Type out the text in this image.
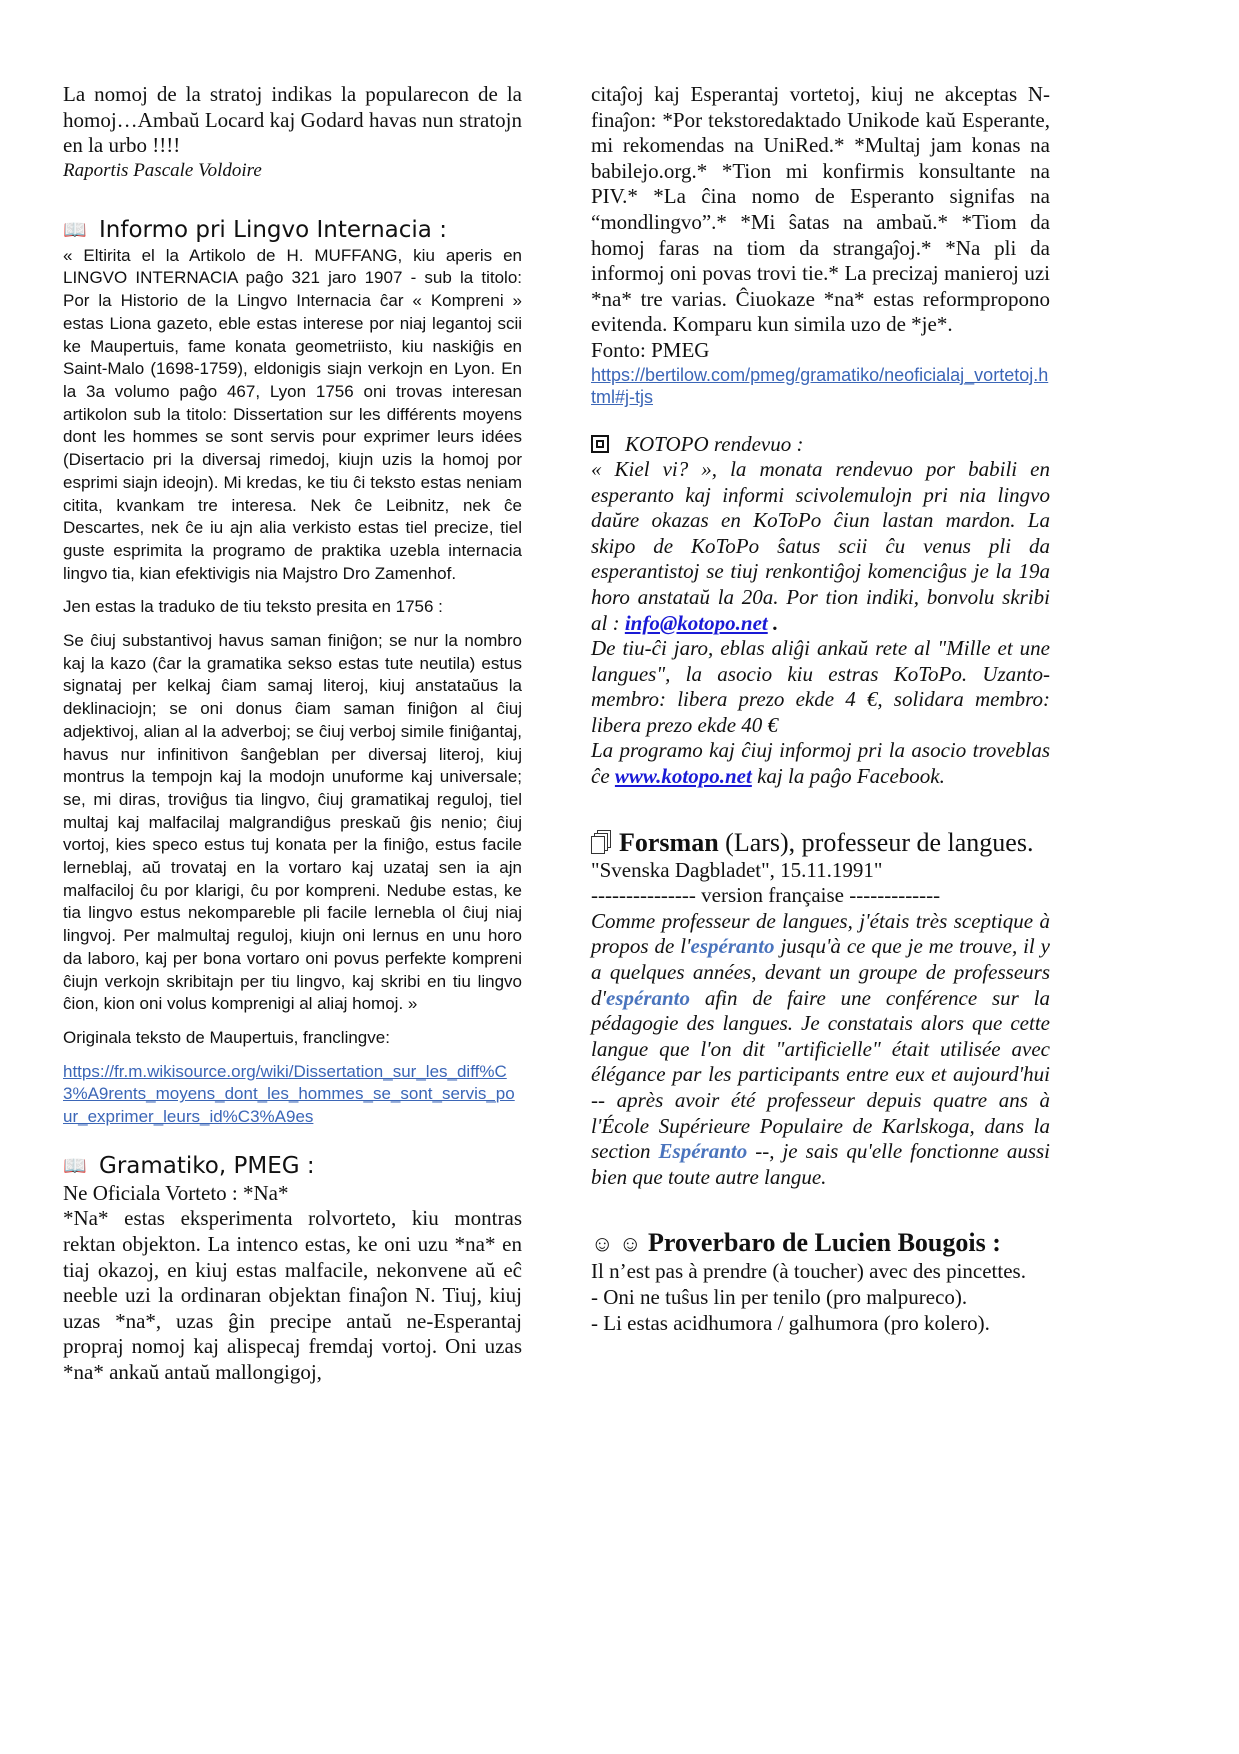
La nomoj de la stratoj indikas la popularecon de la homoj…Ambaŭ Locard kaj Godard havas nun stratojn en la urbo !!!!

Raportis Pascale Voldoire

📖 Informo pri Lingvo Internacia :

« Eltirita el la Artikolo de H. MUFFANG, kiu aperis en LINGVO INTERNACIA paĝo 321 jaro 1907 - sub la titolo: Por la Historio de la Lingvo Internacia ĉar « Kompreni » estas Liona gazeto, eble estas interese por niaj legantoj scii ke Maupertuis, fame konata geometriisto, kiu naskiĝis en Saint-Malo (1698-1759), eldonigis siajn verkojn en Lyon. En la 3a volumo paĝo 467, Lyon 1756 oni trovas interesan artikolon sub la titolo: Dissertation sur les différents moyens dont les hommes se sont servis pour exprimer leurs idées (Disertacio pri la diversaj rimedoj, kiujn uzis la homoj por esprimi siajn ideojn). Mi kredas, ke tiu ĉi teksto estas neniam citita, kvankam tre interesa. Nek ĉe Leibnitz, nek ĉe Descartes, nek ĉe iu ajn alia verkisto estas tiel precize, tiel guste esprimita la programo de praktika uzebla internacia lingvo tia, kian efektivigis nia Majstro Dro Zamenhof.

Jen estas la traduko de tiu teksto presita en 1756 :

Se ĉiuj substantivoj havus saman finiĝon; se nur la nombro kaj la kazo (ĉar la gramatika sekso estas tute neutila) estus signataj per kelkaj ĉiam samaj literoj, kiuj anstataŭus la deklinaciojn; se oni donus ĉiam saman finiĝon al ĉiuj adjektivoj, alian al la adverboj; se ĉiuj verboj simile finiĝantaj, havus nur infinitivon ŝanĝeblan per diversaj literoj, kiuj montrus la tempojn kaj la modojn unuforme kaj universale; se, mi diras, troviĝus tia lingvo, ĉiuj gramatikaj reguloj, tiel multaj kaj malfacilaj malgrandiĝus preskaŭ ĝis nenio; ĉiuj vortoj, kies speco estus tuj konata per la finiĝo, estus facile lerneblaj, aŭ trovataj en la vortaro kaj uzataj sen ia ajn malfaciloj ĉu por klarigi, ĉu por kompreni. Nedube estas, ke tia lingvo estus nekompareble pli facile lernebla ol ĉiuj niaj lingvoj. Per malmultaj reguloj, kiujn oni lernus en unu horo da laboro, kaj per bona vortaro oni povus perfekte kompreni ĉiujn verkojn skribitajn per tiu lingvo, kaj skribi en tiu lingvo ĉion, kion oni volus komprenigi al aliaj homoj. »

Originala teksto de Maupertuis, franclingve:

https://fr.m.wikisource.org/wiki/Dissertation_sur_les_diff%C3%A9rents_moyens_dont_les_hommes_se_sont_servis_pour_exprimer_leurs_id%C3%A9es

📖 Gramatiko, PMEG :

Ne Oficiala Vorteto : *Na*

*Na* estas eksperimenta rolvorteto, kiu montras rektan objekton. La intenco estas, ke oni uzu *na* en tiaj okazoj, en kiuj estas malfacile, nekonvene aŭ eĉ neeble uzi la ordinaran objektan finaĵon N. Tiuj, kiuj uzas *na*, uzas ĝin precipe antaŭ ne-Esperantaj propraj nomoj kaj alispecaj fremdaj vortoj. Oni uzas *na* ankaŭ antaŭ mallongigoj,

citaĵoj kaj Esperantaj vortetoj, kiuj ne akceptas N-finaĵon: *Por tekstoredaktado Unikode kaŭ Esperante, mi rekomendas na UniRed.* *Multaj jam konas na babilejo.org.* *Tion mi konfirmis konsultante na PIV.* *La ĉina nomo de Esperanto signifas na “mondlingvo”.* *Mi ŝatas na ambaŭ.* *Tiom da homoj faras na tiom da strangaĵoj.* *Na pli da informoj oni povas trovi tie.* La precizaj manieroj uzi *na* tre varias. Ĉiuokaze *na* estas reformpropono evitenda. Komparu kun simila uzo de *je*.

Fonto: PMEG

https://bertilow.com/pmeg/gramatiko/neoficialaj_vortetoj.html#j-tjs

KOTOPO rendevuo :

« Kiel vi? », la monata rendevuo por babili en esperanto kaj informi scivolemulojn pri nia lingvo daŭre okazas en KoToPo ĉiun lastan mardon. La skipo de KoToPo ŝatus scii ĉu venus pli da esperantistoj se tiuj renkontiĝoj komenciĝus je la 19a horo anstataŭ la 20a. Por tion indiki, bonvolu skribi al : info@kotopo.net .

De tiu-ĉi jaro, eblas aliĝi ankaŭ rete al "Mille et une langues", la asocio kiu estras KoToPo. Uzanto-membro: libera prezo ekde 4 €, solidara membro: libera prezo ekde 40 €

La programo kaj ĉiuj informoj pri la asocio troveblas ĉe www.kotopo.net kaj la paĝo Facebook.

Forsman (Lars), professeur de langues.

"Svenska Dagbladet", 15.11.1991"

--------------- version française -------------

Comme professeur de langues, j'étais très sceptique à propos de l'espéranto jusqu'à ce que je me trouve, il y a quelques années, devant un groupe de professeurs d'espéranto afin de faire une conférence sur la pédagogie des langues. Je constatais alors que cette langue que l'on dit "artificielle" était utilisée avec élégance par les participants entre eux et aujourd'hui -- après avoir été professeur depuis quatre ans à l'École Supérieure Populaire de Karlskoga, dans la section Espéranto --, je sais qu'elle fonctionne aussi bien que toute autre langue.

☺ ☺ Proverbaro de Lucien Bougois :

Il n’est pas à prendre (à toucher) avec des pincettes.

- Oni ne tuŝus lin per tenilo (pro malpureco).

- Li estas acidhumora / galhumora (pro kolero).
